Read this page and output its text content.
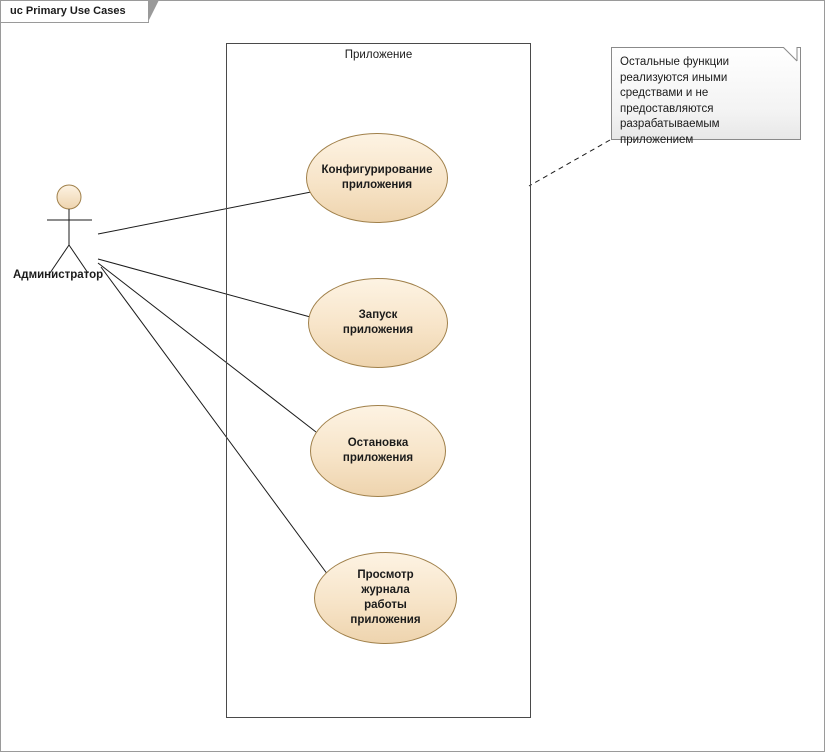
uc Primary Use Cases
Приложение
Администратор
Конфигурирование
приложения
Запуск приложения
Остановка
приложения
Просмотр журнала
работы приложения
Остальные функции реализуются иными средствами и не предоставляются разрабатываемым приложением
